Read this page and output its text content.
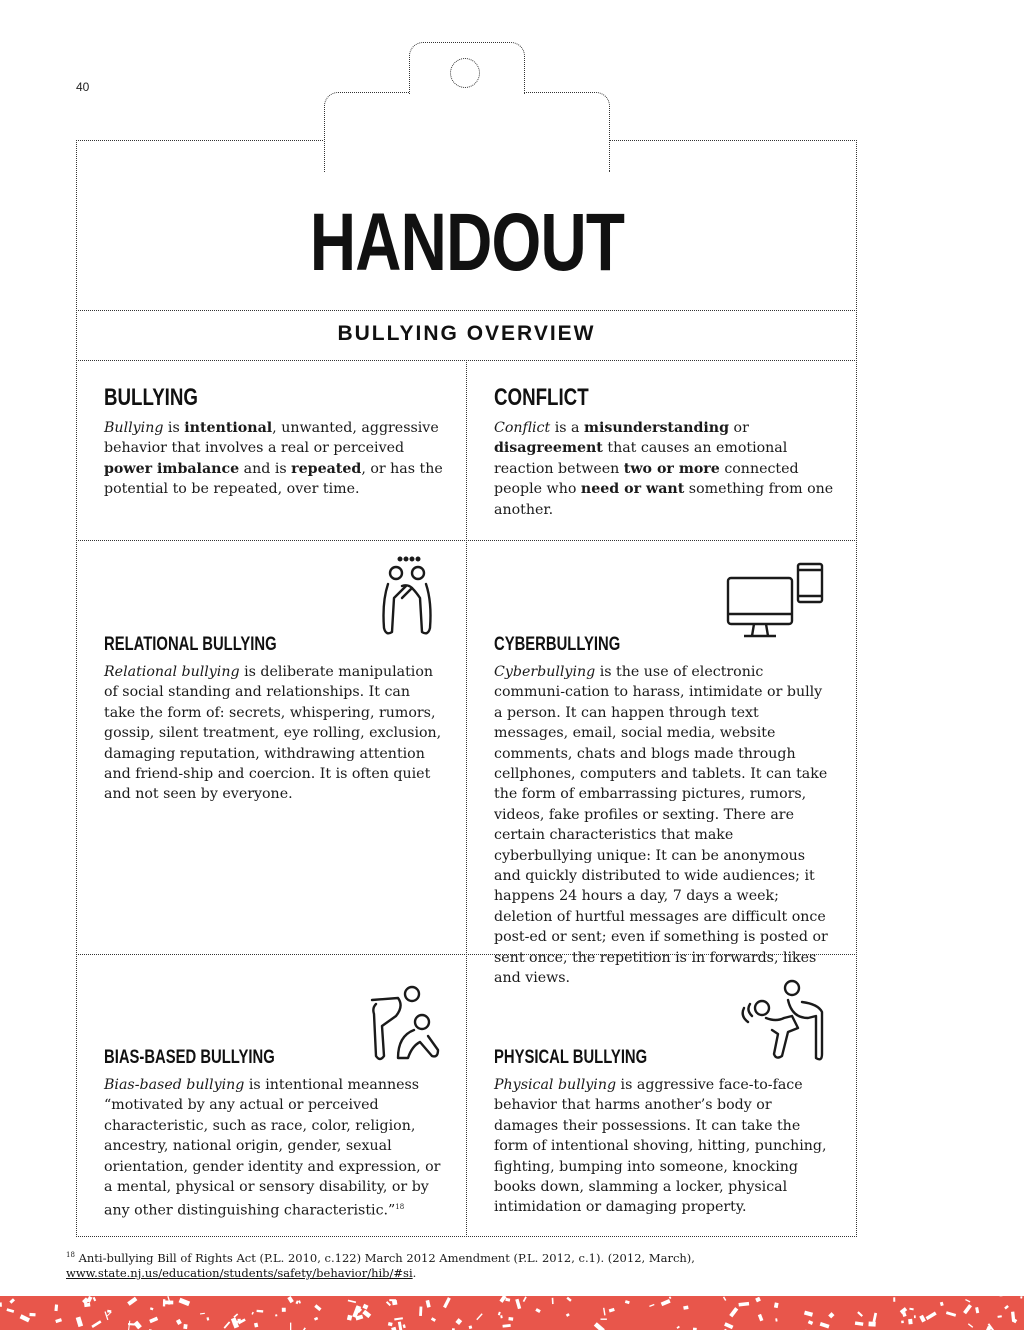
40
HANDOUT
BULLYING OVERVIEW
BULLYING

Bullying is intentional, unwanted, aggressive behavior that involves a real or perceived power imbalance and is repeated, or has the potential to be repeated, over time.

CONFLICT

Conflict is a misunderstanding or disagreement that causes an emotional reaction between two or more connected people who need or want something from one another.

RELATIONAL BULLYING

Relational bullying is deliberate manipulation of social standing and relationships. It can take the form of: secrets, whispering, rumors, gossip, silent treatment, eye rolling, exclusion, damaging reputation, withdrawing attention and friend-ship and coercion. It is often quiet and not seen by everyone.

CYBERBULLYING

Cyberbullying is the use of electronic communi-cation to harass, intimidate or bully a person. It can happen through text messages, email, social media, website comments, chats and blogs made through cellphones, computers and tablets. It can take the form of embarrassing pictures, rumors, videos, fake profiles or sexting. There are certain characteristics that make cyberbullying unique: It can be anonymous and quickly distributed to wide audiences; it happens 24 hours a day, 7 days a week; deletion of hurtful messages are difficult once post-ed or sent; even if something is posted or sent once, the repetition is in forwards, likes and views.

BIAS-BASED BULLYING

Bias-based bullying is intentional meanness “motivated by any actual or perceived characteristic, such as race, color, religion, ancestry, national origin, gender, sexual orientation, gender identity and expression, or a mental, physical or sensory disability, or by any other distinguishing characteristic.”$^{18}$

PHYSICAL BULLYING

Physical bullying is aggressive face-to-face behavior that harms another’s body or damages their possessions. It can take the form of intentional shoving, hitting, punching, fighting, bumping into someone, knocking books down, slamming a locker, physical intimidation or damaging property.

$^{18}$ Anti-bullying Bill of Rights Act (P.L. 2010, c.122) March 2012 Amendment (P.L. 2012, c.1). (2012, March), www.state.nj.us/education/students/safety/behavior/hib/#si.
